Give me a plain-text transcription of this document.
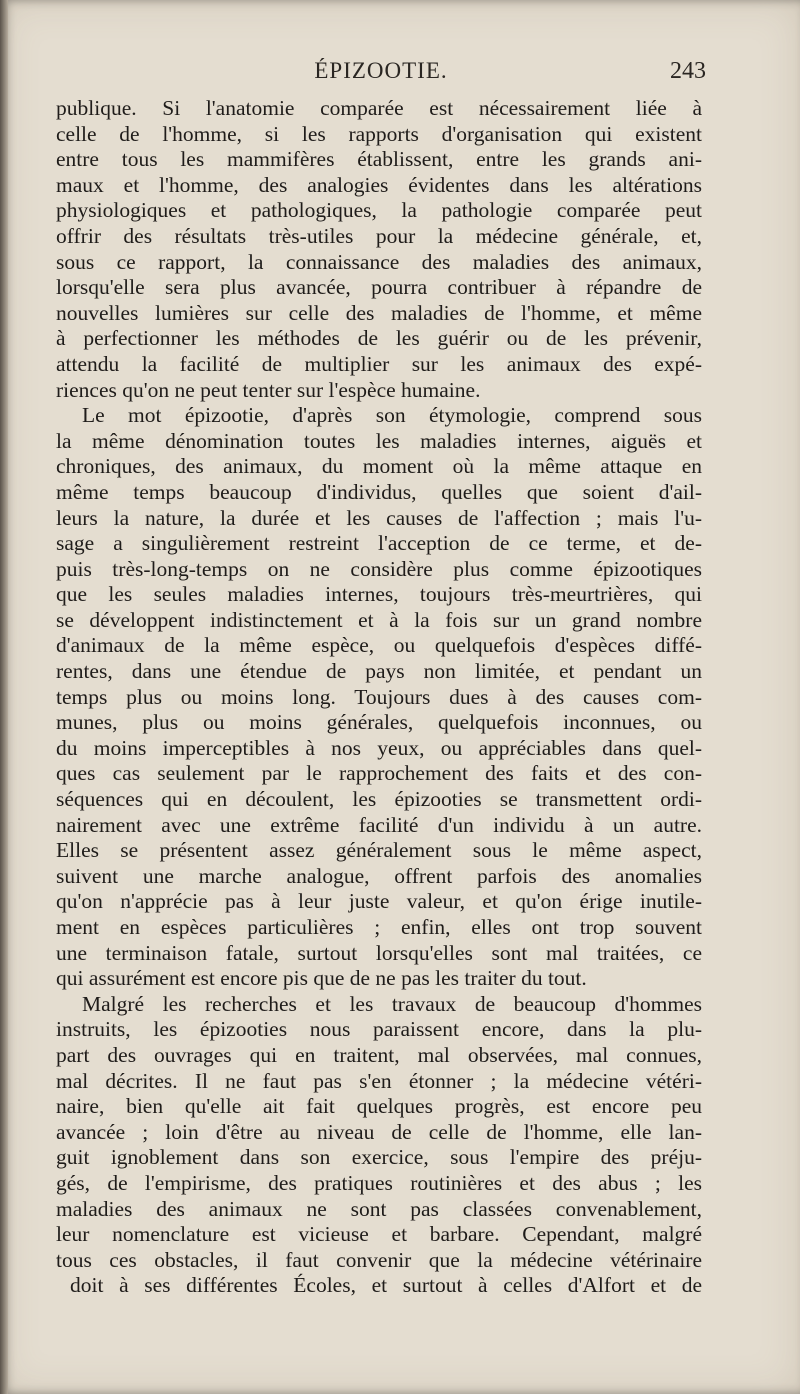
ÉPIZOOTIE.	243
publique. Si l'anatomie comparée est nécessairement liée à
celle de l'homme, si les rapports d'organisation qui existent
entre tous les mammifères établissent, entre les grands ani-
maux et l'homme, des analogies évidentes dans les altérations
physiologiques et pathologiques, la pathologie comparée peut
offrir des résultats très-utiles pour la médecine générale, et,
sous ce rapport, la connaissance des maladies des animaux,
lorsqu'elle sera plus avancée, pourra contribuer à répandre de
nouvelles lumières sur celle des maladies de l'homme, et même
à perfectionner les méthodes de les guérir ou de les prévenir,
attendu la facilité de multiplier sur les animaux des expé-
riences qu'on ne peut tenter sur l'espèce humaine.
Le mot épizootie, d'après son étymologie, comprend sous
la même dénomination toutes les maladies internes, aiguës et
chroniques, des animaux, du moment où la même attaque en
même temps beaucoup d'individus, quelles que soient d'ail-
leurs la nature, la durée et les causes de l'affection ; mais l'u-
sage a singulièrement restreint l'acception de ce terme, et de-
puis très-long-temps on ne considère plus comme épizootiques
que les seules maladies internes, toujours très-meurtrières, qui
se développent indistinctement et à la fois sur un grand nombre
d'animaux de la même espèce, ou quelquefois d'espèces diffé-
rentes, dans une étendue de pays non limitée, et pendant un
temps plus ou moins long. Toujours dues à des causes com-
munes, plus ou moins générales, quelquefois inconnues, ou
du moins imperceptibles à nos yeux, ou appréciables dans quel-
ques cas seulement par le rapprochement des faits et des con-
séquences qui en découlent, les épizooties se transmettent ordi-
nairement avec une extrême facilité d'un individu à un autre.
Elles se présentent assez généralement sous le même aspect,
suivent une marche analogue, offrent parfois des anomalies
qu'on n'apprécie pas à leur juste valeur, et qu'on érige inutile-
ment en espèces particulières ; enfin, elles ont trop souvent
une terminaison fatale, surtout lorsqu'elles sont mal traitées, ce
qui assurément est encore pis que de ne pas les traiter du tout.
Malgré les recherches et les travaux de beaucoup d'hommes
instruits, les épizooties nous paraissent encore, dans la plu-
part des ouvrages qui en traitent, mal observées, mal connues,
mal décrites. Il ne faut pas s'en étonner ; la médecine vétéri-
naire, bien qu'elle ait fait quelques progrès, est encore peu
avancée ; loin d'être au niveau de celle de l'homme, elle lan-
guit ignoblement dans son exercice, sous l'empire des préju-
gés, de l'empirisme, des pratiques routinières et des abus ; les
maladies des animaux ne sont pas classées convenablement,
leur nomenclature est vicieuse et barbare. Cependant, malgré
tous ces obstacles, il faut convenir que la médecine vétérinaire
doit à ses différentes Écoles, et surtout à celles d'Alfort et de
